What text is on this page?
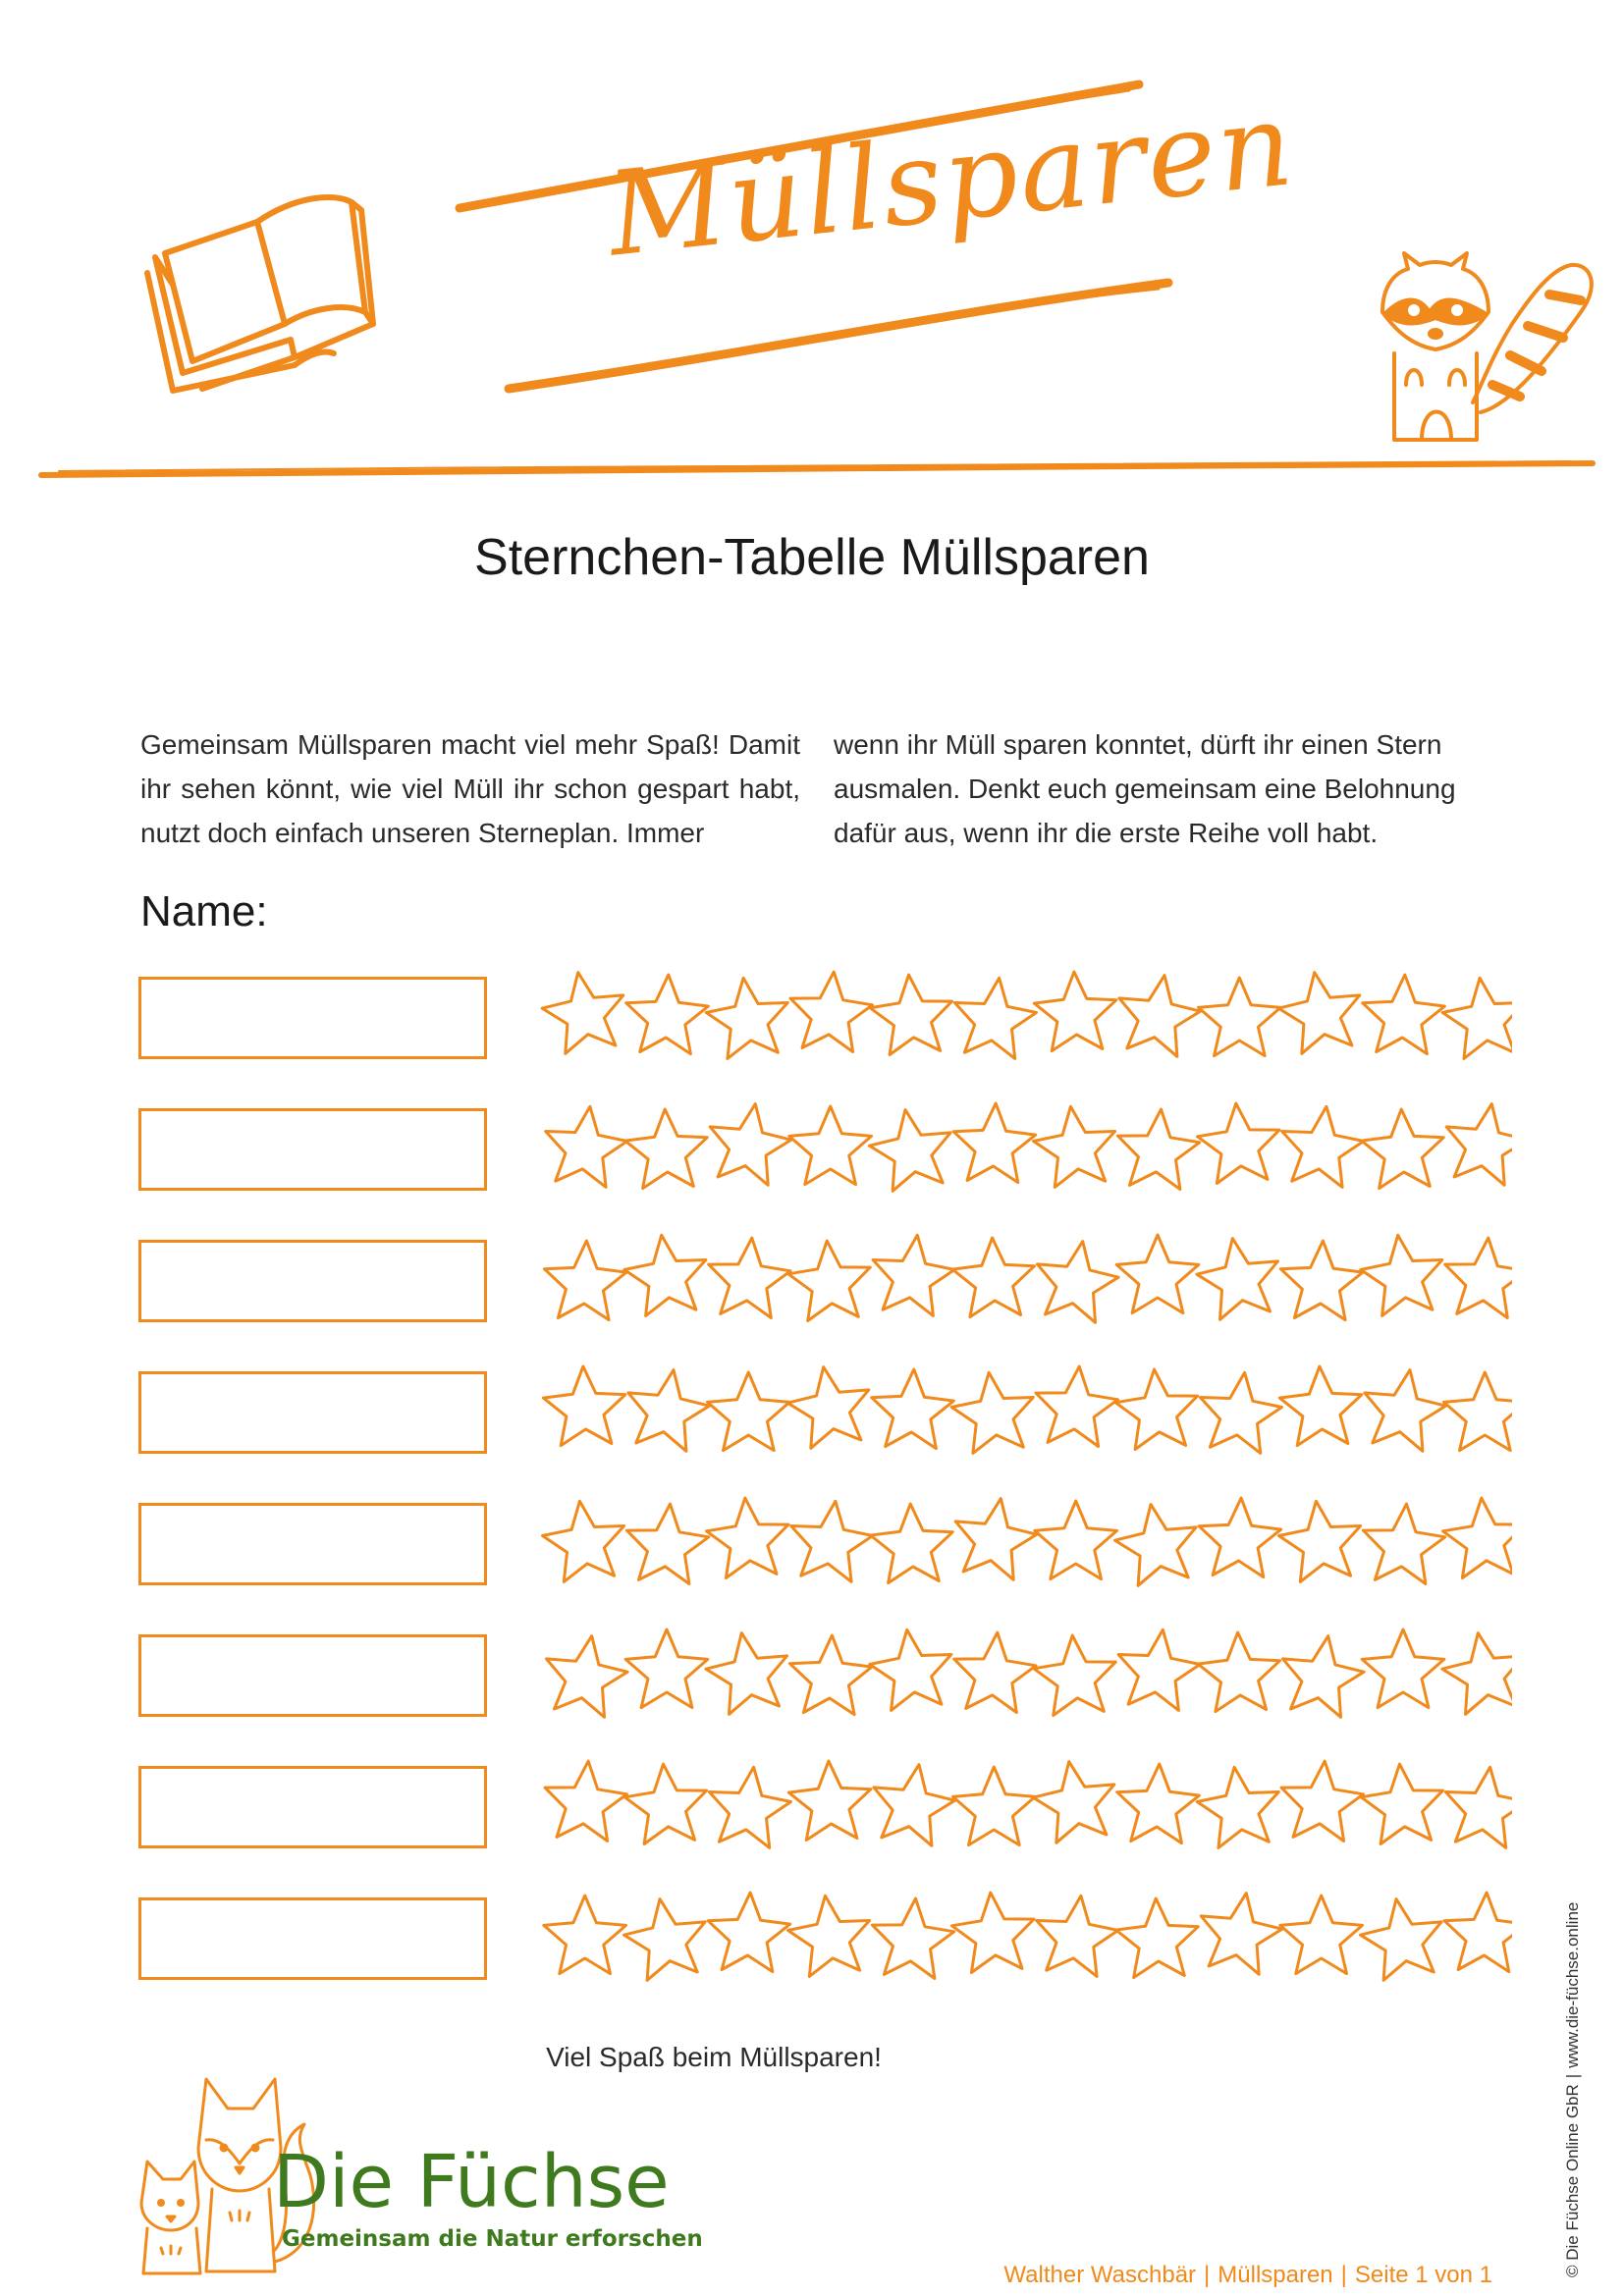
Müllsparen
Sternchen-Tabelle Müllsparen
Gemeinsam Müllsparen macht viel mehr Spaß! Damit ihr sehen könnt, wie viel Müll ihr schon gespart habt, nutzt doch einfach unseren Sterneplan. Immer
wenn ihr Müll sparen konntet, dürft ihr einen Stern ausmalen. Denkt euch gemeinsam eine Belohnung dafür aus, wenn ihr die erste Reihe voll habt.
Name:
Viel Spaß beim Müllsparen!
Die Füchse
Gemeinsam die Natur erforschen
Walther Waschbär | Müllsparen | Seite 1 von 1	© Die Füchse Online GbR|www.die-füchse.online
